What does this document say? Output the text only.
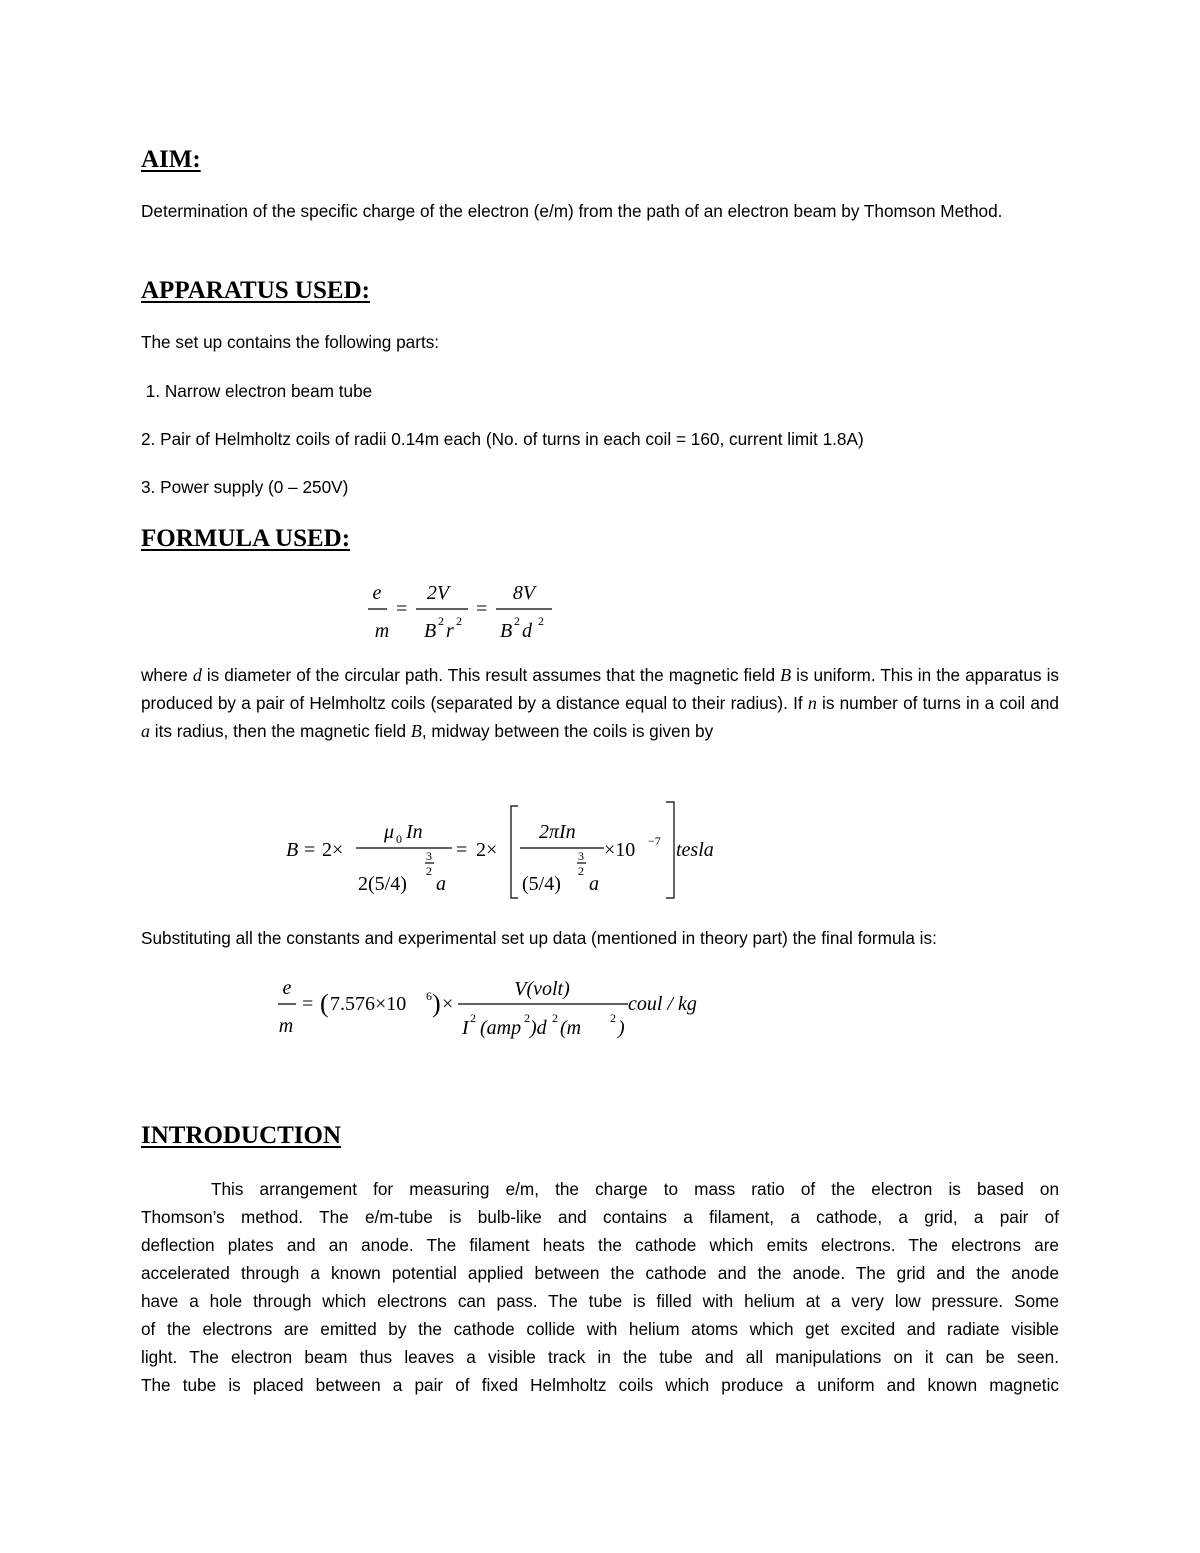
AIM:

Determination of the specific charge of the electron (e/m) from the path of an electron beam by Thomson Method.

APPARATUS USED:

The set up contains the following parts:

1. Narrow electron beam tube

2. Pair of Helmholtz coils of radii 0.14m each (No. of turns in each coil = 160, current limit 1.8A)

3. Power supply (0 – 250V)

FORMULA USED:
e
m
=
2V
B 2 r 2
=
8V
B 2 d 2

where d is diameter of the circular path. This result assumes that the magnetic field B is uniform. This in the apparatus is produced by a pair of Helmholtz coils (separated by a distance equal to their radius). If n is number of turns in a coil and a its radius, then the magnetic field B, midway between the coils is given by

B = 2×
μ 0 In
3
2
2(5/4) a
= 2×
2πIn
3
2
(5/4) a
×10 −7 tesla

Substituting all the constants and experimental set up data (mentioned in theory part) the final formula is:

e
m
= ( 7.576×10 6 ) ×
V(volt)
I 2 (amp 2 )d 2 (m 2 )
coul / kg
INTRODUCTION
This arrangement for measuring e/m, the charge to mass ratio of the electron is based on
Thomson’s method. The e/m-tube is bulb-like and contains a filament, a cathode, a grid, a pair of
deflection plates and an anode. The filament heats the cathode which emits electrons. The electrons are
accelerated through a known potential applied between the cathode and the anode. The grid and the anode
have a hole through which electrons can pass. The tube is filled with helium at a very low pressure. Some
of the electrons are emitted by the cathode collide with helium atoms which get excited and radiate visible
light. The electron beam thus leaves a visible track in the tube and all manipulations on it can be seen.
The tube is placed between a pair of fixed Helmholtz coils which produce a uniform and known magnetic
